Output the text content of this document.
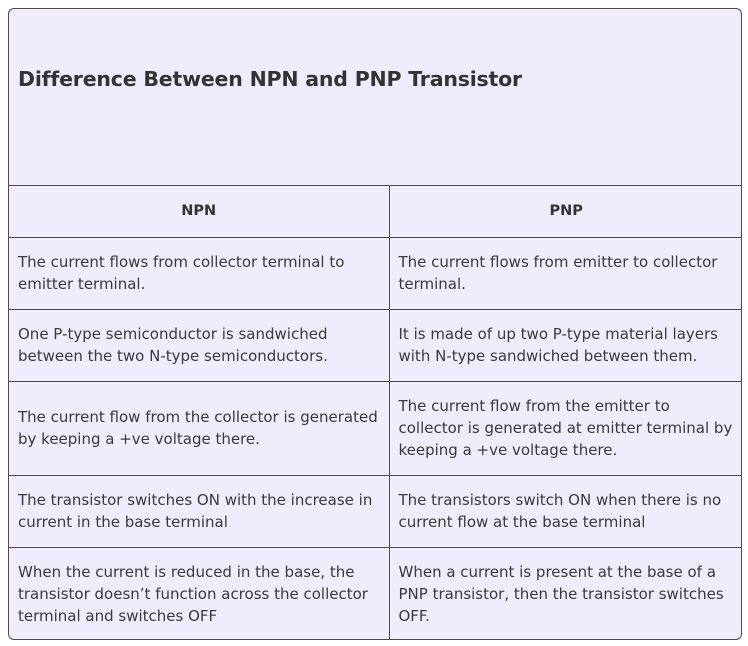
Difference Between NPN and PNP Transistor
NPN	PNP
The current flows from collector terminal to emitter terminal.	The current flows from emitter to collector terminal.
One P-type semiconductor is sandwiched between the two N-type semiconductors.	It is made of up two P-type material layers with N-type sandwiched between them.
The current flow from the collector is generated by keeping a +ve voltage there.	The current flow from the emitter to collector is generated at emitter terminal by keeping a +ve voltage there.
The transistor switches ON with the increase in current in the base terminal	The transistors switch ON when there is no current flow at the base terminal
When the current is reduced in the base, the transistor doesn’t function across the collector terminal and switches OFF	When a current is present at the base of a PNP transistor, then the transistor switches OFF.
